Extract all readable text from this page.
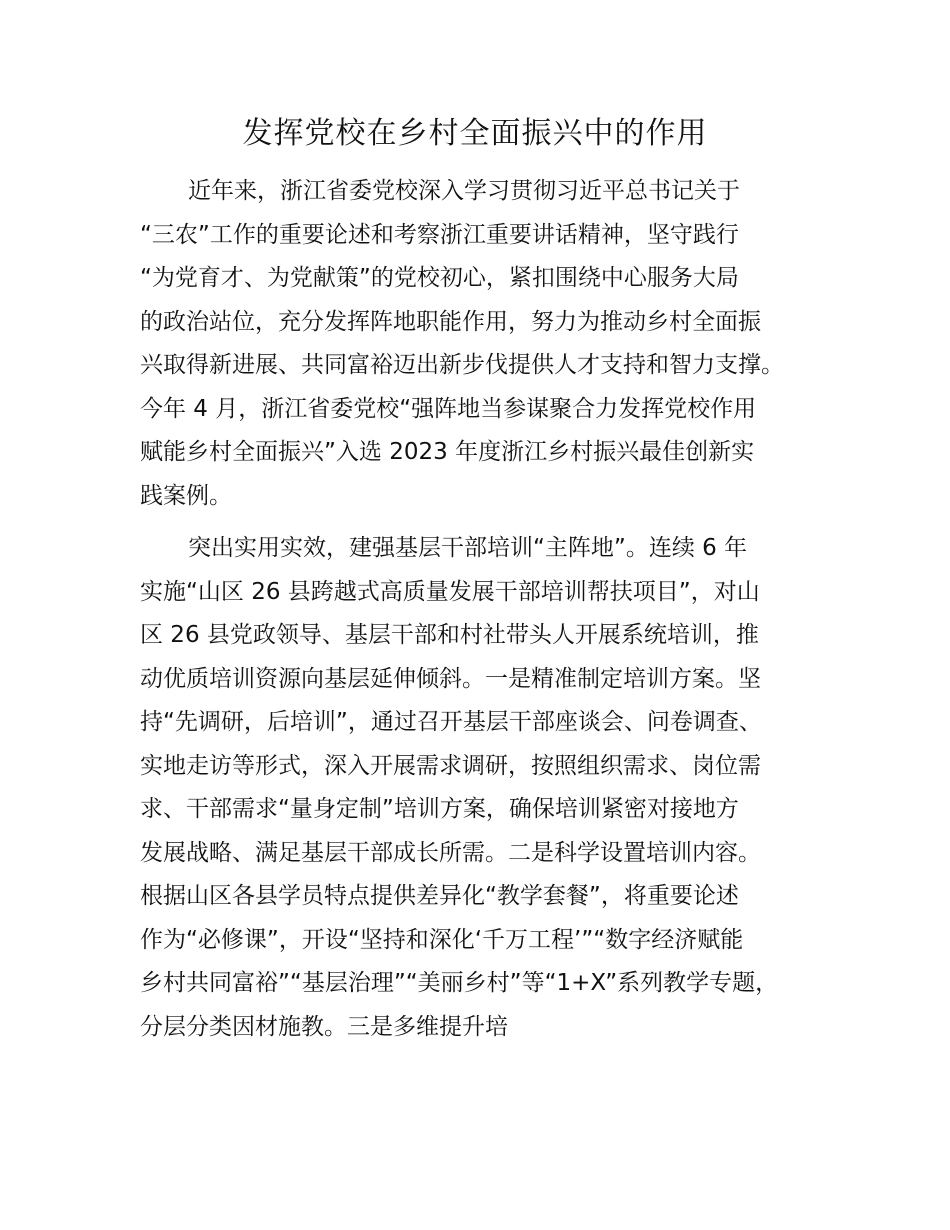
发挥党校在乡村全面振兴中的作用
近年来，浙江省委党校深入学习贯彻习近平总书记关于
“三农”工作的重要论述和考察浙江重要讲话精神，坚守践行
“为党育才、为党献策”的党校初心，紧扣围绕中心服务大局
的政治站位，充分发挥阵地职能作用，努力为推动乡村全面振
兴取得新进展、共同富裕迈出新步伐提供人才支持和智力支撑。
今年 4 月，浙江省委党校“强阵地当参谋聚合力发挥党校作用
赋能乡村全面振兴”入选 2023 年度浙江乡村振兴最佳创新实
践案例。
突出实用实效，建强基层干部培训“主阵地”。连续 6 年
实施“山区 26 县跨越式高质量发展干部培训帮扶项目”，对山
区 26 县党政领导、基层干部和村社带头人开展系统培训，推
动优质培训资源向基层延伸倾斜。一是精准制定培训方案。坚
持“先调研，后培训”，通过召开基层干部座谈会、问卷调查、
实地走访等形式，深入开展需求调研，按照组织需求、岗位需
求、干部需求“量身定制”培训方案，确保培训紧密对接地方
发展战略、满足基层干部成长所需。二是科学设置培训内容。
根据山区各县学员特点提供差异化“教学套餐”，将重要论述
作为“必修课”，开设“坚持和深化‘千万工程’”“数字经济赋能
乡村共同富裕”“基层治理”“美丽乡村”等“1+X”系列教学专题，
分层分类因材施教。三是多维提升培
